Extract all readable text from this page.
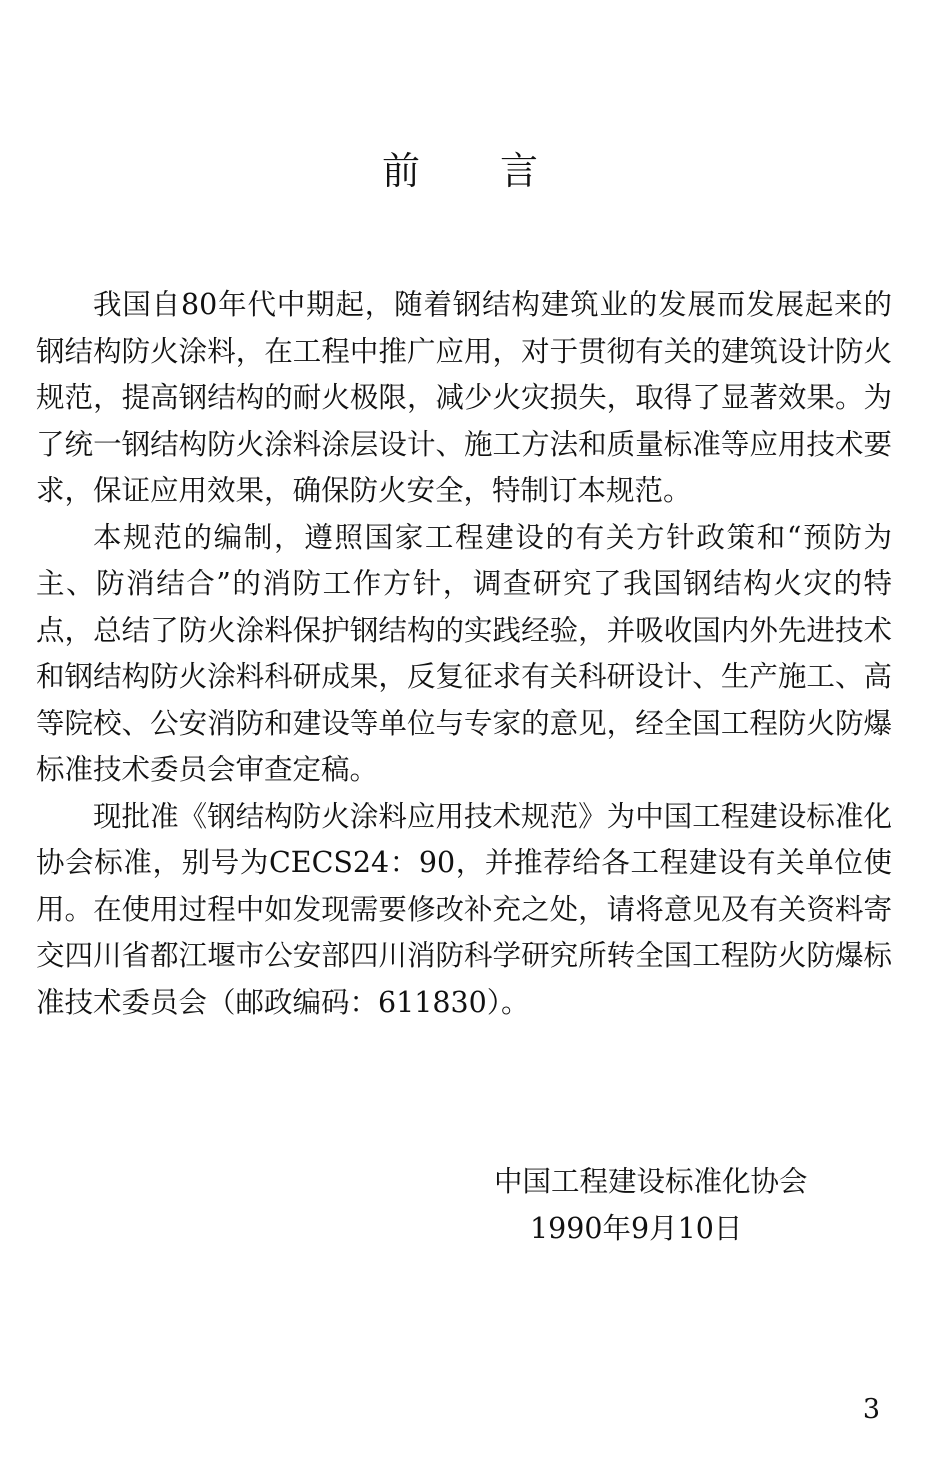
前言

我国自80年代中期起，随着钢结构建筑业的发展而发展起来的钢结构防火涂料，在工程中推广应用，对于贯彻有关的建筑设计防火规范，提高钢结构的耐火极限，减少火灾损失，取得了显著效果。为了统一钢结构防火涂料涂层设计、施工方法和质量标准等应用技术要求，保证应用效果，确保防火安全，特制订本规范。

本规范的编制，遵照国家工程建设的有关方针政策和“预防为主、防消结合”的消防工作方针，调查研究了我国钢结构火灾的特点，总结了防火涂料保护钢结构的实践经验，并吸收国内外先进技术和钢结构防火涂料科研成果，反复征求有关科研设计、生产施工、高等院校、公安消防和建设等单位与专家的意见，经全国工程防火防爆标准技术委员会审查定稿。

现批准《钢结构防火涂料应用技术规范》为中国工程建设标准化协会标准，别号为CECS24：90，并推荐给各工程建设有关单位使用。在使用过程中如发现需要修改补充之处，请将意见及有关资料寄交四川省都江堰市公安部四川消防科学研究所转全国工程防火防爆标准技术委员会（邮政编码：611830）。

中国工程建设标准化协会
1990年9月10日
3
